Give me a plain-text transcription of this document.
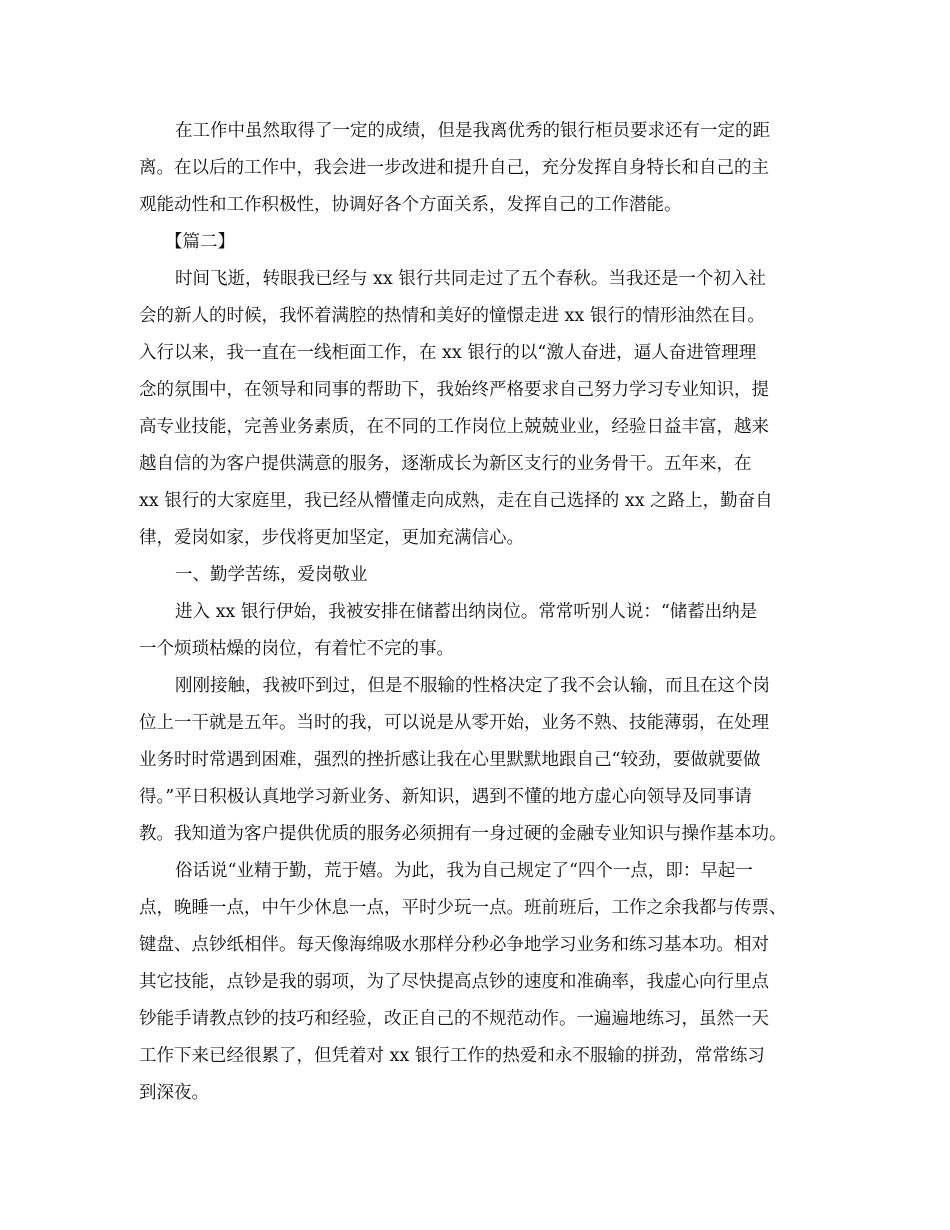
在工作中虽然取得了一定的成绩，但是我离优秀的银行柜员要求还有一定的距
离。在以后的工作中，我会进一步改进和提升自己，充分发挥自身特长和自己的主
观能动性和工作积极性，协调好各个方面关系，发挥自己的工作潜能。
【篇二】
时间飞逝，转眼我已经与 xx 银行共同走过了五个春秋。当我还是一个初入社
会的新人的时候，我怀着满腔的热情和美好的憧憬走进 xx 银行的情形油然在目。
入行以来，我一直在一线柜面工作，在 xx 银行的以“激人奋进，逼人奋进管理理
念的氛围中，在领导和同事的帮助下，我始终严格要求自己努力学习专业知识，提
高专业技能，完善业务素质，在不同的工作岗位上兢兢业业，经验日益丰富，越来
越自信的为客户提供满意的服务，逐渐成长为新区支行的业务骨干。五年来，在
xx 银行的大家庭里，我已经从懵懂走向成熟，走在自己选择的 xx 之路上，勤奋自
律，爱岗如家，步伐将更加坚定，更加充满信心。
一、勤学苦练，爱岗敬业
进入 xx 银行伊始，我被安排在储蓄出纳岗位。常常听别人说：“储蓄出纳是
一个烦琐枯燥的岗位，有着忙不完的事。
刚刚接触，我被吓到过，但是不服输的性格决定了我不会认输，而且在这个岗
位上一干就是五年。当时的我，可以说是从零开始，业务不熟、技能薄弱，在处理
业务时时常遇到困难，强烈的挫折感让我在心里默默地跟自己“较劲，要做就要做
得。”平日积极认真地学习新业务、新知识，遇到不懂的地方虚心向领导及同事请
教。我知道为客户提供优质的服务必须拥有一身过硬的金融专业知识与操作基本功。
俗话说“业精于勤，荒于嬉。为此，我为自己规定了“四个一点，即：早起一
点，晚睡一点，中午少休息一点，平时少玩一点。班前班后，工作之余我都与传票、
键盘、点钞纸相伴。每天像海绵吸水那样分秒必争地学习业务和练习基本功。相对
其它技能，点钞是我的弱项，为了尽快提高点钞的速度和准确率，我虚心向行里点
钞能手请教点钞的技巧和经验，改正自己的不规范动作。一遍遍地练习，虽然一天
工作下来已经很累了，但凭着对 xx 银行工作的热爱和永不服输的拼劲，常常练习
到深夜。
